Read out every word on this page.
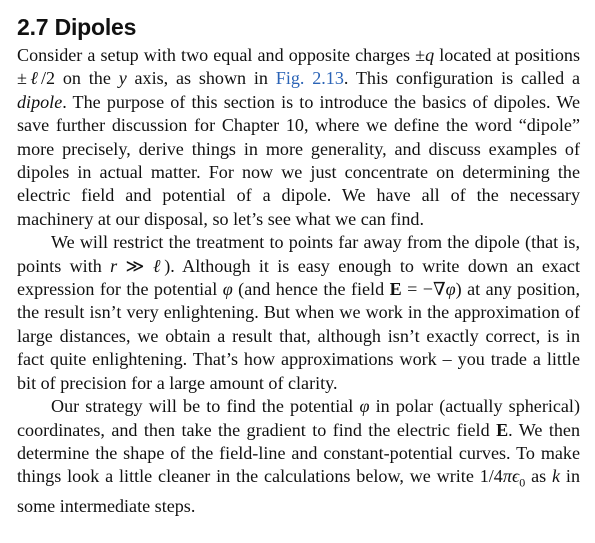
2.7 Dipoles

Consider a setup with two equal and opposite charges ±q located at positions ±ℓ/2 on the y axis, as shown in Fig. 2.13. This configuration is called a dipole. The purpose of this section is to introduce the basics of dipoles. We save further discussion for Chapter 10, where we define the word “dipole” more precisely, derive things in more generality, and discuss examples of dipoles in actual matter. For now we just concentrate on determining the electric field and potential of a dipole. We have all of the necessary machinery at our disposal, so let’s see what we can find.

We will restrict the treatment to points far away from the dipole (that is, points with r ≫ ℓ). Although it is easy enough to write down an exact expression for the potential φ (and hence the field E = −∇φ) at any position, the result isn’t very enlightening. But when we work in the approximation of large distances, we obtain a result that, although isn’t exactly correct, is in fact quite enlightening. That’s how approximations work – you trade a little bit of precision for a large amount of clarity.

Our strategy will be to find the potential φ in polar (actually spherical) coordinates, and then take the gradient to find the electric field E. We then determine the shape of the field-line and constant-potential curves. To make things look a little cleaner in the calculations below, we write $1/4\pi\epsilon_0$ as k in some intermediate steps.
